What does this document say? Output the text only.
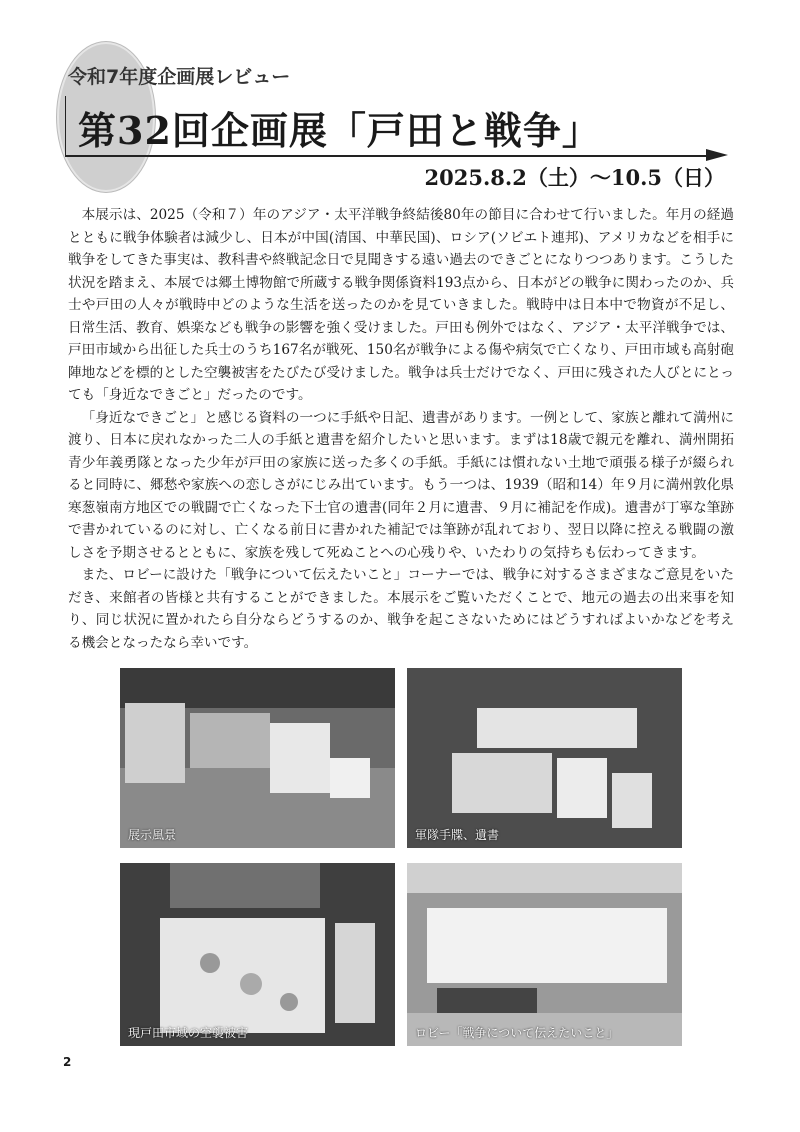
令和7年度企画展レビュー
第32回企画展「戸田と戦争」
2025.8.2（土）～10.5（日）

本展示は、2025（令和７）年のアジア・太平洋戦争終結後80年の節目に合わせて行いました。年月の経過とともに戦争体験者は減少し、日本が中国(清国、中華民国)、ロシア(ソビエト連邦)、アメリカなどを相手に戦争をしてきた事実は、教科書や終戦記念日で見聞きする遠い過去のできごとになりつつあります。こうした状況を踏まえ、本展では郷土博物館で所蔵する戦争関係資料193点から、日本がどの戦争に関わったのか、兵士や戸田の人々が戦時中どのような生活を送ったのかを見ていきました。戦時中は日本中で物資が不足し、日常生活、教育、娯楽なども戦争の影響を強く受けました。戸田も例外ではなく、アジア・太平洋戦争では、戸田市域から出征した兵士のうち167名が戦死、150名が戦争による傷や病気で亡くなり、戸田市域も高射砲陣地などを標的とした空襲被害をたびたび受けました。戦争は兵士だけでなく、戸田に残された人びとにとっても「身近なできごと」だったのです。

「身近なできごと」と感じる資料の一つに手紙や日記、遺書があります。一例として、家族と離れて満州に渡り、日本に戻れなかった二人の手紙と遺書を紹介したいと思います。まずは18歳で親元を離れ、満州開拓青少年義勇隊となった少年が戸田の家族に送った多くの手紙。手紙には慣れない土地で頑張る様子が綴られると同時に、郷愁や家族への恋しさがにじみ出ています。もう一つは、1939（昭和14）年９月に満州敦化県寒葱嶺南方地区での戦闘で亡くなった下士官の遺書(同年２月に遺書、９月に補記を作成)。遺書が丁寧な筆跡で書かれているのに対し、亡くなる前日に書かれた補記では筆跡が乱れており、翌日以降に控える戦闘の激しさを予期させるとともに、家族を残して死ぬことへの心残りや、いたわりの気持ちも伝わってきます。

また、ロビーに設けた「戦争について伝えたいこと」コーナーでは、戦争に対するさまざまなご意見をいただき、来館者の皆様と共有することができました。本展示をご覧いただくことで、地元の過去の出来事を知り、同じ状況に置かれたら自分ならどうするのか、戦争を起こさないためにはどうすればよいかなどを考える機会となったなら幸いです。

展示風景	軍隊手牒、遺書
現戸田市域の空襲被害	ロビー「戦争について伝えたいこと」
2
